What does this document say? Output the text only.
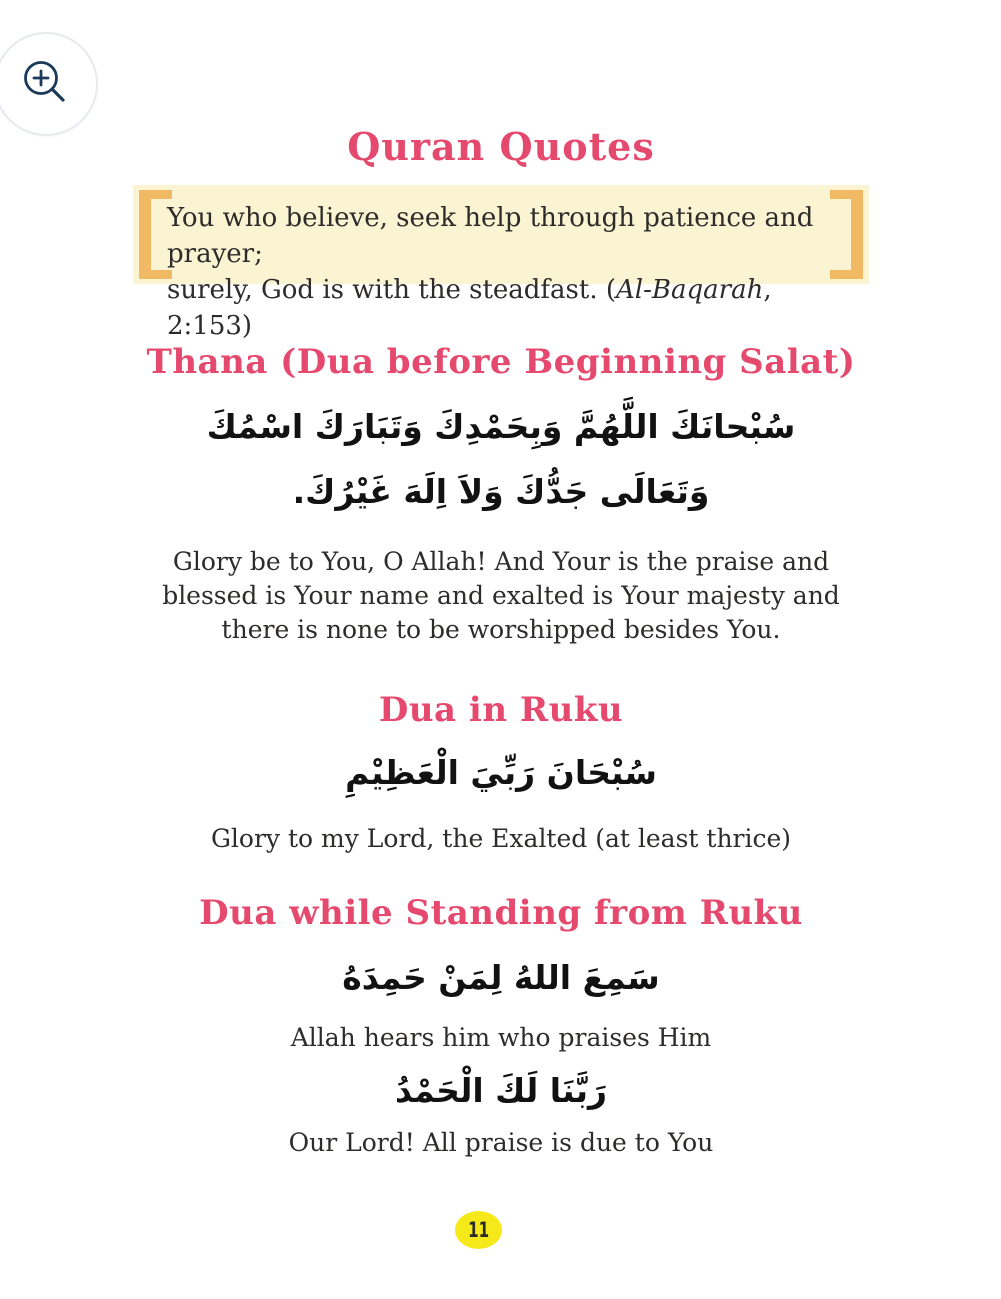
Quran Quotes
You who believe, seek help through patience and prayer;
surely, God is with the steadfast. (Al-Baqarah, 2:153)
Thana (Dua before Beginning Salat)
سُبْحانَكَ اللَّهُمَّ وَبِحَمْدِكَ وَتَبَارَكَ اسْمُكَ
وَتَعَالَى جَدُّكَ وَلاَ اِلَهَ غَيْرُكَ.
Glory be to You, O Allah! And Your is the praise and
blessed is Your name and exalted is Your majesty and
there is none to be worshipped besides You.
Dua in Ruku
سُبْحَانَ رَبِّيَ الْعَظِيْمِ
Glory to my Lord, the Exalted (at least thrice)
Dua while Standing from Ruku
سَمِعَ اللهُ لِمَنْ حَمِدَهُ
Allah hears him who praises Him
رَبَّنَا لَكَ الْحَمْدُ
Our Lord! All praise is due to You
11
